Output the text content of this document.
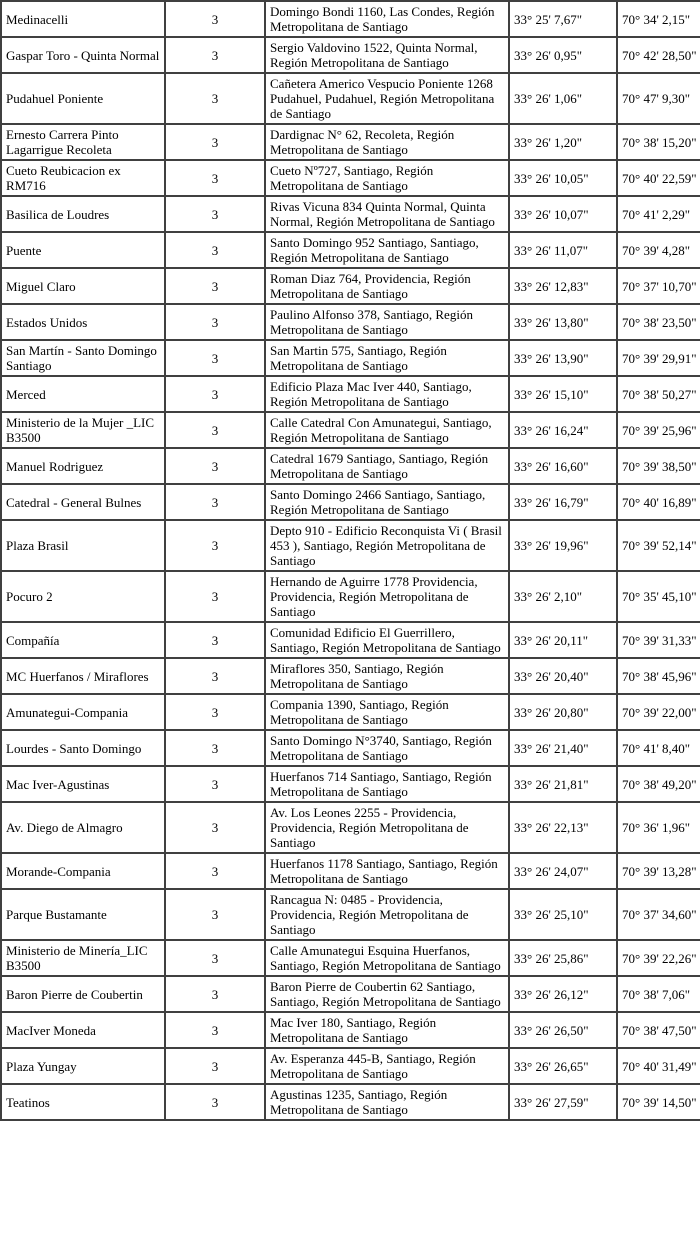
Medinacelli	3	Domingo Bondi 1160, Las Condes, Región Metropolitana de Santiago	33° 25' 7,67"	70° 34' 2,15"
Gaspar Toro - Quinta Normal	3	Sergio Valdovino 1522, Quinta Normal, Región Metropolitana de Santiago	33° 26' 0,95"	70° 42' 28,50"
Pudahuel Poniente	3	Cañetera Americo Vespucio Poniente 1268 Pudahuel, Pudahuel, Región Metropolitana de Santiago	33° 26' 1,06"	70° 47' 9,30"
Ernesto Carrera Pinto Lagarrigue Recoleta	3	Dardignac N° 62, Recoleta, Región Metropolitana de Santiago	33° 26' 1,20"	70° 38' 15,20"
Cueto Reubicacion ex RM716	3	Cueto Nº727, Santiago, Región Metropolitana de Santiago	33° 26' 10,05"	70° 40' 22,59"
Basilica de Loudres	3	Rivas Vicuna 834 Quinta Normal, Quinta Normal, Región Metropolitana de Santiago	33° 26' 10,07"	70° 41' 2,29"
Puente	3	Santo Domingo 952 Santiago, Santiago, Región Metropolitana de Santiago	33° 26' 11,07"	70° 39' 4,28"
Miguel Claro	3	Roman Diaz 764, Providencia, Región Metropolitana de Santiago	33° 26' 12,83"	70° 37' 10,70"
Estados Unidos	3	Paulino Alfonso 378, Santiago, Región Metropolitana de Santiago	33° 26' 13,80"	70° 38' 23,50"
San Martín - Santo Domingo Santiago	3	San Martin 575, Santiago, Región Metropolitana de Santiago	33° 26' 13,90"	70° 39' 29,91"
Merced	3	Edificio Plaza Mac Iver 440, Santiago, Región Metropolitana de Santiago	33° 26' 15,10"	70° 38' 50,27"
Ministerio de la Mujer _LIC B3500	3	Calle Catedral Con Amunategui, Santiago, Región Metropolitana de Santiago	33° 26' 16,24"	70° 39' 25,96"
Manuel Rodriguez	3	Catedral 1679 Santiago, Santiago, Región Metropolitana de Santiago	33° 26' 16,60"	70° 39' 38,50"
Catedral - General Bulnes	3	Santo Domingo 2466 Santiago, Santiago, Región Metropolitana de Santiago	33° 26' 16,79"	70° 40' 16,89"
Plaza Brasil	3	Depto 910 - Edificio Reconquista Vi ( Brasil 453 ), Santiago, Región Metropolitana de Santiago	33° 26' 19,96"	70° 39' 52,14"
Pocuro 2	3	Hernando de Aguirre 1778 Providencia, Providencia, Región Metropolitana de Santiago	33° 26' 2,10"	70° 35' 45,10"
Compañía	3	Comunidad Edificio El Guerrillero, Santiago, Región Metropolitana de Santiago	33° 26' 20,11"	70° 39' 31,33"
MC Huerfanos / Miraflores	3	Miraflores 350, Santiago, Región Metropolitana de Santiago	33° 26' 20,40"	70° 38' 45,96"
Amunategui-Compania	3	Compania 1390, Santiago, Región Metropolitana de Santiago	33° 26' 20,80"	70° 39' 22,00"
Lourdes - Santo Domingo	3	Santo Domingo N°3740, Santiago, Región Metropolitana de Santiago	33° 26' 21,40"	70° 41' 8,40"
Mac Iver-Agustinas	3	Huerfanos 714 Santiago, Santiago, Región Metropolitana de Santiago	33° 26' 21,81"	70° 38' 49,20"
Av. Diego de Almagro	3	Av. Los Leones 2255 - Providencia, Providencia, Región Metropolitana de Santiago	33° 26' 22,13"	70° 36' 1,96"
Morande-Compania	3	Huerfanos 1178 Santiago, Santiago, Región Metropolitana de Santiago	33° 26' 24,07"	70° 39' 13,28"
Parque Bustamante	3	Rancagua N: 0485 - Providencia, Providencia, Región Metropolitana de Santiago	33° 26' 25,10"	70° 37' 34,60"
Ministerio de Minería_LIC B3500	3	Calle Amunategui Esquina Huerfanos, Santiago, Región Metropolitana de Santiago	33° 26' 25,86"	70° 39' 22,26"
Baron Pierre de Coubertin	3	Baron Pierre de Coubertin 62 Santiago, Santiago, Región Metropolitana de Santiago	33° 26' 26,12"	70° 38' 7,06"
MacIver Moneda	3	Mac Iver 180, Santiago, Región Metropolitana de Santiago	33° 26' 26,50"	70° 38' 47,50"
Plaza Yungay	3	Av. Esperanza 445-B, Santiago, Región Metropolitana de Santiago	33° 26' 26,65"	70° 40' 31,49"
Teatinos	3	Agustinas 1235, Santiago, Región Metropolitana de Santiago	33° 26' 27,59"	70° 39' 14,50"
